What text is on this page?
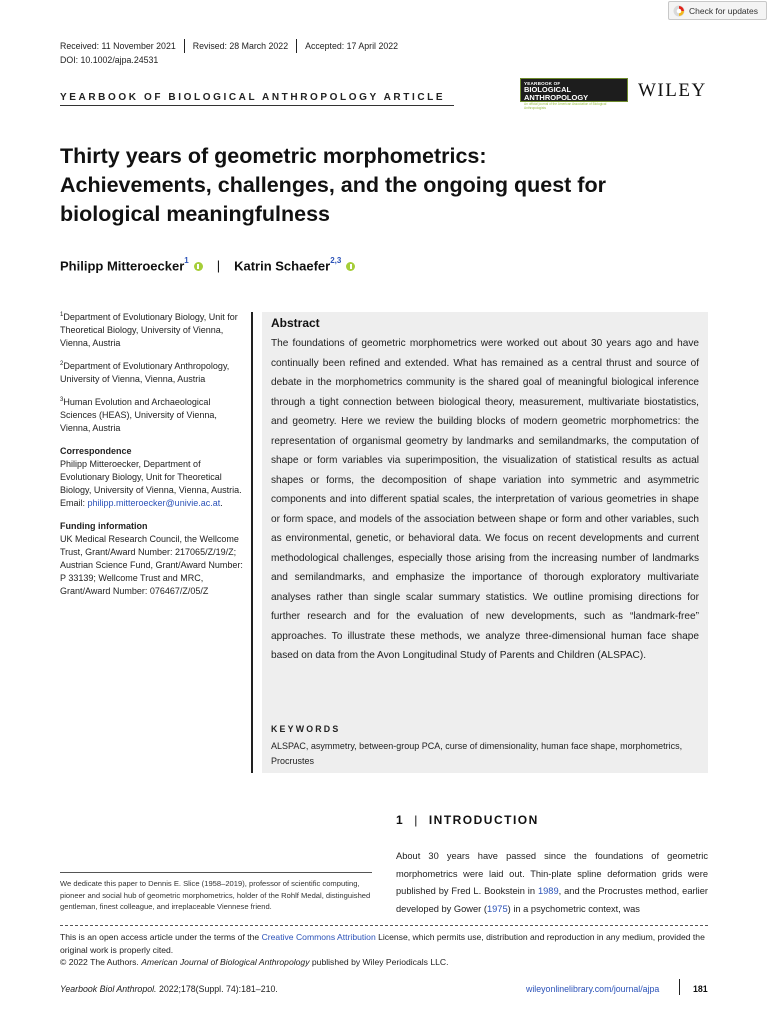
Check for updates
Received: 11 November 2021 Revised: 28 March 2022 Accepted: 17 April 2022
DOI: 10.1002/ajpa.24531
YEARBOOK OF BIOLOGICAL ANTHROPOLOGY ARTICLE
YEARBOOK OF
BIOLOGICAL ANTHROPOLOGY
An official journal of the American Association of Biological Anthropologists
WILEY
Thirty years of geometric morphometrics: Achievements, challenges, and the ongoing quest for biological meaningfulness
Philipp Mitteroecker$^1$ | Katrin Schaefer$^{2,3}$

$^1$Department of Evolutionary Biology, Unit for Theoretical Biology, University of Vienna, Vienna, Austria

$^2$Department of Evolutionary Anthropology, University of Vienna, Vienna, Austria

$^3$Human Evolution and Archaeological Sciences (HEAS), University of Vienna, Vienna, Austria

Correspondence

Philipp Mitteroecker, Department of Evolutionary Biology, Unit for Theoretical Biology, University of Vienna, Vienna, Austria.
Email: philipp.mitteroecker@univie.ac.at.

Funding information

UK Medical Research Council, the Wellcome Trust, Grant/Award Number: 217065/Z/19/Z; Austrian Science Fund, Grant/Award Number: P 33139; Wellcome Trust and MRC, Grant/Award Number: 076467/Z/05/Z

Abstract

The foundations of geometric morphometrics were worked out about 30 years ago and have continually been refined and extended. What has remained as a central thrust and source of debate in the morphometrics community is the shared goal of meaningful biological inference through a tight connection between biological theory, measurement, multivariate biostatistics, and geometry. Here we review the building blocks of modern geometric morphometrics: the representation of organismal geometry by landmarks and semilandmarks, the computation of shape or form variables via superimposition, the visualization of statistical results as actual shapes or forms, the decomposition of shape variation into symmetric and asymmetric components and into different spatial scales, the interpretation of various geometries in shape or form space, and models of the association between shape or form and other variables, such as environmental, genetic, or behavioral data. We focus on recent developments and current methodological challenges, especially those arising from the increasing number of landmarks and semilandmarks, and emphasize the importance of thorough exploratory multivariate analyses rather than single scalar summary statistics. We outline promising directions for further research and for the evaluation of new developments, such as “landmark-free” approaches. To illustrate these methods, we analyze three-dimensional human face shape based on data from the Avon Longitudinal Study of Parents and Children (ALSPAC).

KEYWORDS
ALSPAC, asymmetry, between-group PCA, curse of dimensionality, human face shape, morphometrics, Procrustes
1 | INTRODUCTION

About 30 years have passed since the foundations of geometric morphometrics were laid out. Thin-plate spline deformation grids were published by Fred L. Bookstein in 1989, and the Procrustes method, earlier developed by Gower (1975) in a psychometric context, was

We dedicate this paper to Dennis E. Slice (1958–2019), professor of scientific computing, pioneer and social hub of geometric morphometrics, holder of the Rohlf Medal, distinguished gentleman, finest colleague, and irreplaceable Viennese friend.
This is an open access article under the terms of the Creative Commons Attribution License, which permits use, distribution and reproduction in any medium, provided the original work is properly cited.
© 2022 The Authors. American Journal of Biological Anthropology published by Wiley Periodicals LLC.
Yearbook Biol Anthropol. 2022;178(Suppl. 74):181–210.	wileyonlinelibrary.com/journal/ajpa	181
